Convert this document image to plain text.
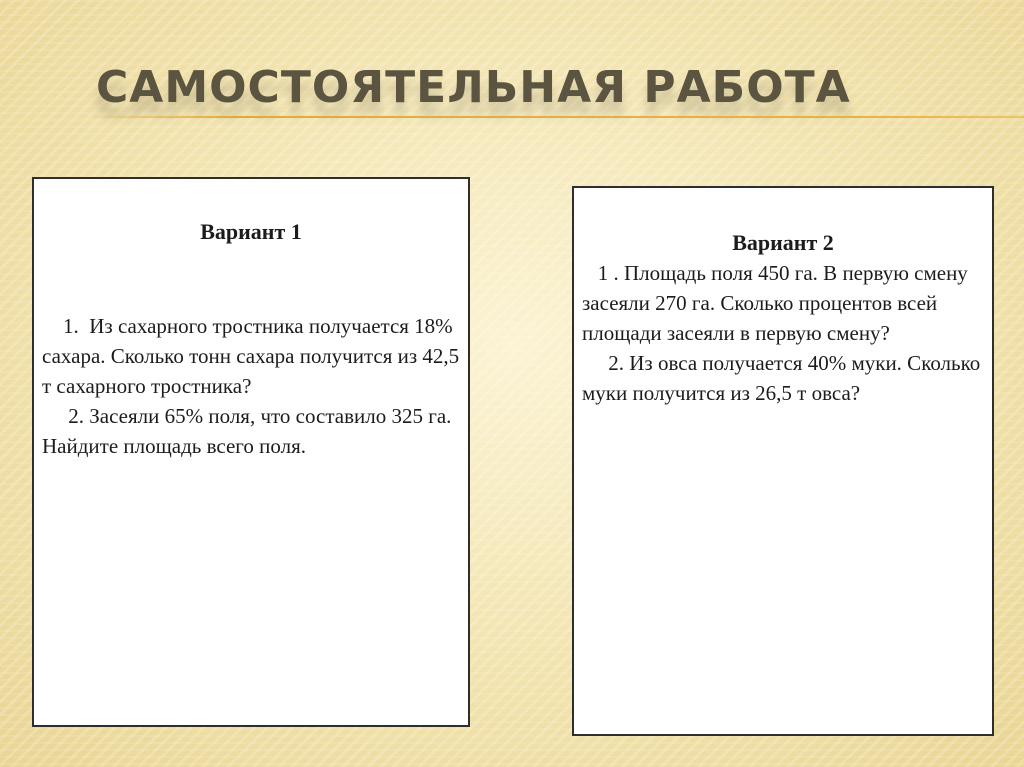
САМОСТОЯТЕЛЬНАЯ РАБОТА
Вариант 1

1.  Из сахарного тростника получается 18% сахара. Сколько тонн сахара получится из 42,5 т сахарного тростника?
2. Засеяли 65% поля, что составило 325 га. Найдите площадь всего поля.

Вариант 2

1 . Площадь поля 450 га. В первую смену засеяли 270 га. Сколько процентов всей площади засеяли в первую смену?
2. Из овса получается 40% муки. Сколько муки получится из 26,5 т овса?
